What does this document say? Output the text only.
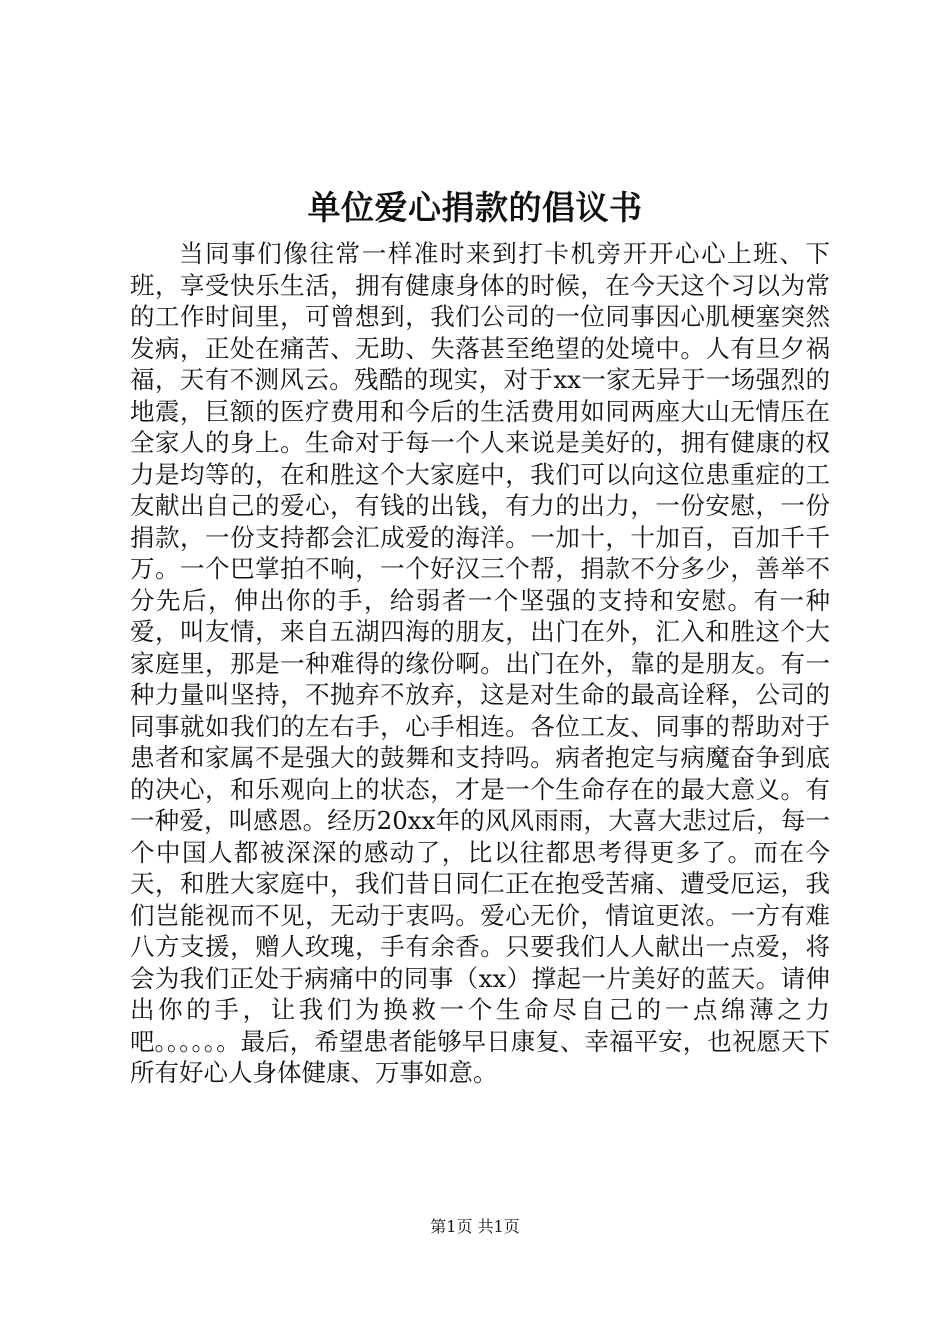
单位爱心捐款的倡议书

当同事们像往常一样准时来到打卡机旁开开心心上班、下班，享受快乐生活，拥有健康身体的时候，在今天这个习以为常的工作时间里，可曾想到，我们公司的一位同事因心肌梗塞突然发病，正处在痛苦、无助、失落甚至绝望的处境中。人有旦夕祸福，天有不测风云。残酷的现实，对于xx一家无异于一场强烈的地震，巨额的医疗费用和今后的生活费用如同两座大山无情压在全家人的身上。生命对于每一个人来说是美好的，拥有健康的权力是均等的，在和胜这个大家庭中，我们可以向这位患重症的工友献出自己的爱心，有钱的出钱，有力的出力，一份安慰，一份捐款，一份支持都会汇成爱的海洋。一加十，十加百，百加千千万。一个巴掌拍不响，一个好汉三个帮，捐款不分多少，善举不分先后，伸出你的手，给弱者一个坚强的支持和安慰。有一种爱，叫友情，来自五湖四海的朋友，出门在外，汇入和胜这个大家庭里，那是一种难得的缘份啊。出门在外，靠的是朋友。有一种力量叫坚持，不抛弃不放弃，这是对生命的最高诠释，公司的同事就如我们的左右手，心手相连。各位工友、同事的帮助对于患者和家属不是强大的鼓舞和支持吗。病者抱定与病魔奋争到底的决心，和乐观向上的状态，才是一个生命存在的最大意义。有一种爱，叫感恩。经历20xx年的风风雨雨，大喜大悲过后，每一个中国人都被深深的感动了，比以往都思考得更多了。而在今天，和胜大家庭中，我们昔日同仁正在抱受苦痛、遭受厄运，我们岂能视而不见，无动于衷吗。爱心无价，情谊更浓。一方有难八方支援，赠人玫瑰，手有余香。只要我们人人献出一点爱，将会为我们正处于病痛中的同事（xx）撑起一片美好的蓝天。请伸出你的手，让我们为换救一个生命尽自己的一点绵薄之力吧。。。。。。最后，希望患者能够早日康复、幸福平安，也祝愿天下所有好心人身体健康、万事如意。

第1页 共1页
